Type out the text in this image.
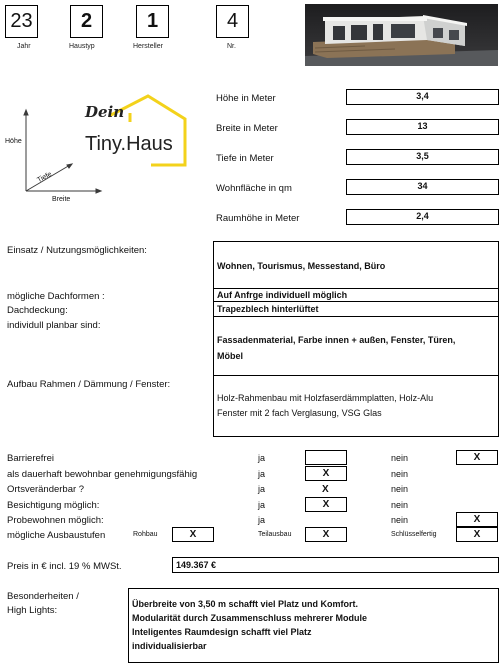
23
Jahr
2
Haustyp
1
Hersteller
4
Nr.
Dein
Tiny.Haus
Höhe
Tiefe
Breite
Höhe in Meter	3,4
Breite in Meter	13
Tiefe in Meter	3,5
Wohnfläche in qm	34
Raumhöhe in Meter	2,4
Einsatz / Nutzungsmöglichkeiten:
Wohnen, Tourismus, Messestand, Büro
mögliche Dachformen :	Auf Anfrge individuell möglich
Dachdeckung:	Trapezblech hinterlüftet
individull planbar sind:
Fassadenmaterial, Farbe innen + außen, Fenster, Türen,
Möbel
Aufbau Rahmen / Dämmung / Fenster:
Holz-Rahmenbau mit Holzfaserdämmplatten, Holz-Alu
Fenster mit 2 fach Verglasung, VSG Glas
Barrierefrei	ja	nein	X
als dauerhaft bewohnbar genehmigungsfähig	ja	X	nein
Ortsveränderbar ?	ja	X	nein
Besichtigung möglich:	ja	X	nein
Probewohnen möglich:	ja	nein	X
mögliche Ausbaustufen	Rohbau	X	Teilausbau	X	Schlüsselfertig	X
Preis in € incl. 19 % MWSt.	149.367 €
Besonderheiten /
High Lights:
Überbreite von 3,50 m schafft viel Platz und Komfort.
Modularität durch Zusammenschluss mehrerer Module
Inteligentes Raumdesign schafft viel Platz
individualisierbar
